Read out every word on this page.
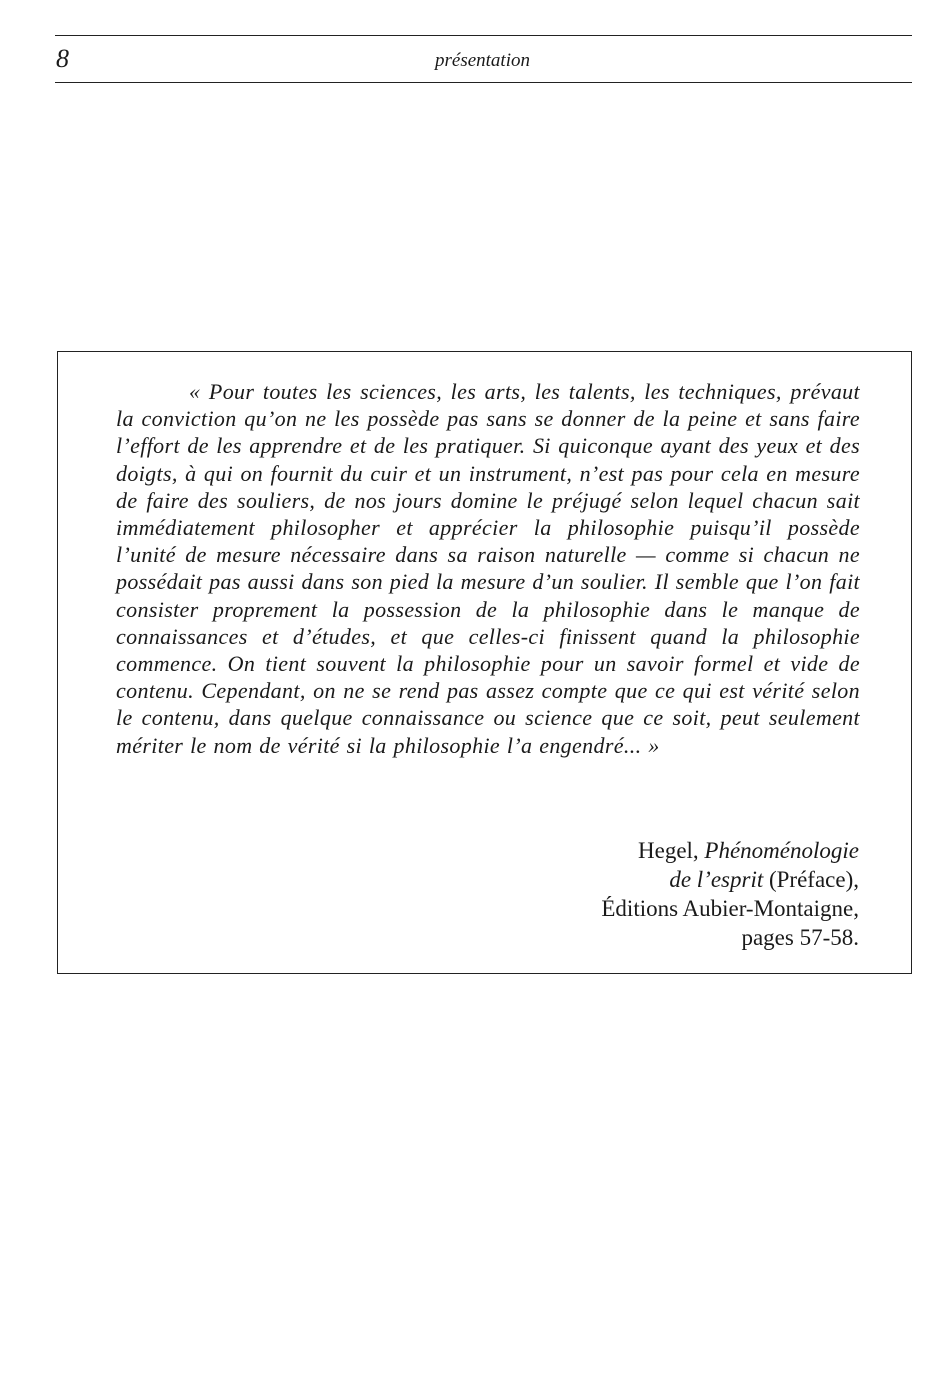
8	présentation

« Pour toutes les sciences, les arts, les talents, les techniques, prévaut la conviction qu’on ne les possède pas sans se donner de la peine et sans faire l’effort de les apprendre et de les pratiquer. Si quiconque ayant des yeux et des doigts, à qui on fournit du cuir et un instrument, n’est pas pour cela en mesure de faire des souliers, de nos jours domine le préjugé selon lequel chacun sait immédiatement philosopher et apprécier la philosophie puisqu’il possède l’unité de mesure nécessaire dans sa raison naturelle — comme si chacun ne possédait pas aussi dans son pied la mesure d’un soulier. Il semble que l’on fait consister proprement la possession de la philosophie dans le manque de connaissances et d’études, et que celles-ci finissent quand la philosophie commence. On tient souvent la philosophie pour un savoir formel et vide de contenu. Cependant, on ne se rend pas assez compte que ce qui est vérité selon le contenu, dans quelque connaissance ou science que ce soit, peut seulement mériter le nom de vérité si la philosophie l’a engendré... »

Hegel, Phénoménologie
de l’esprit (Préface),
Éditions Aubier-Montaigne,
pages 57-58.
